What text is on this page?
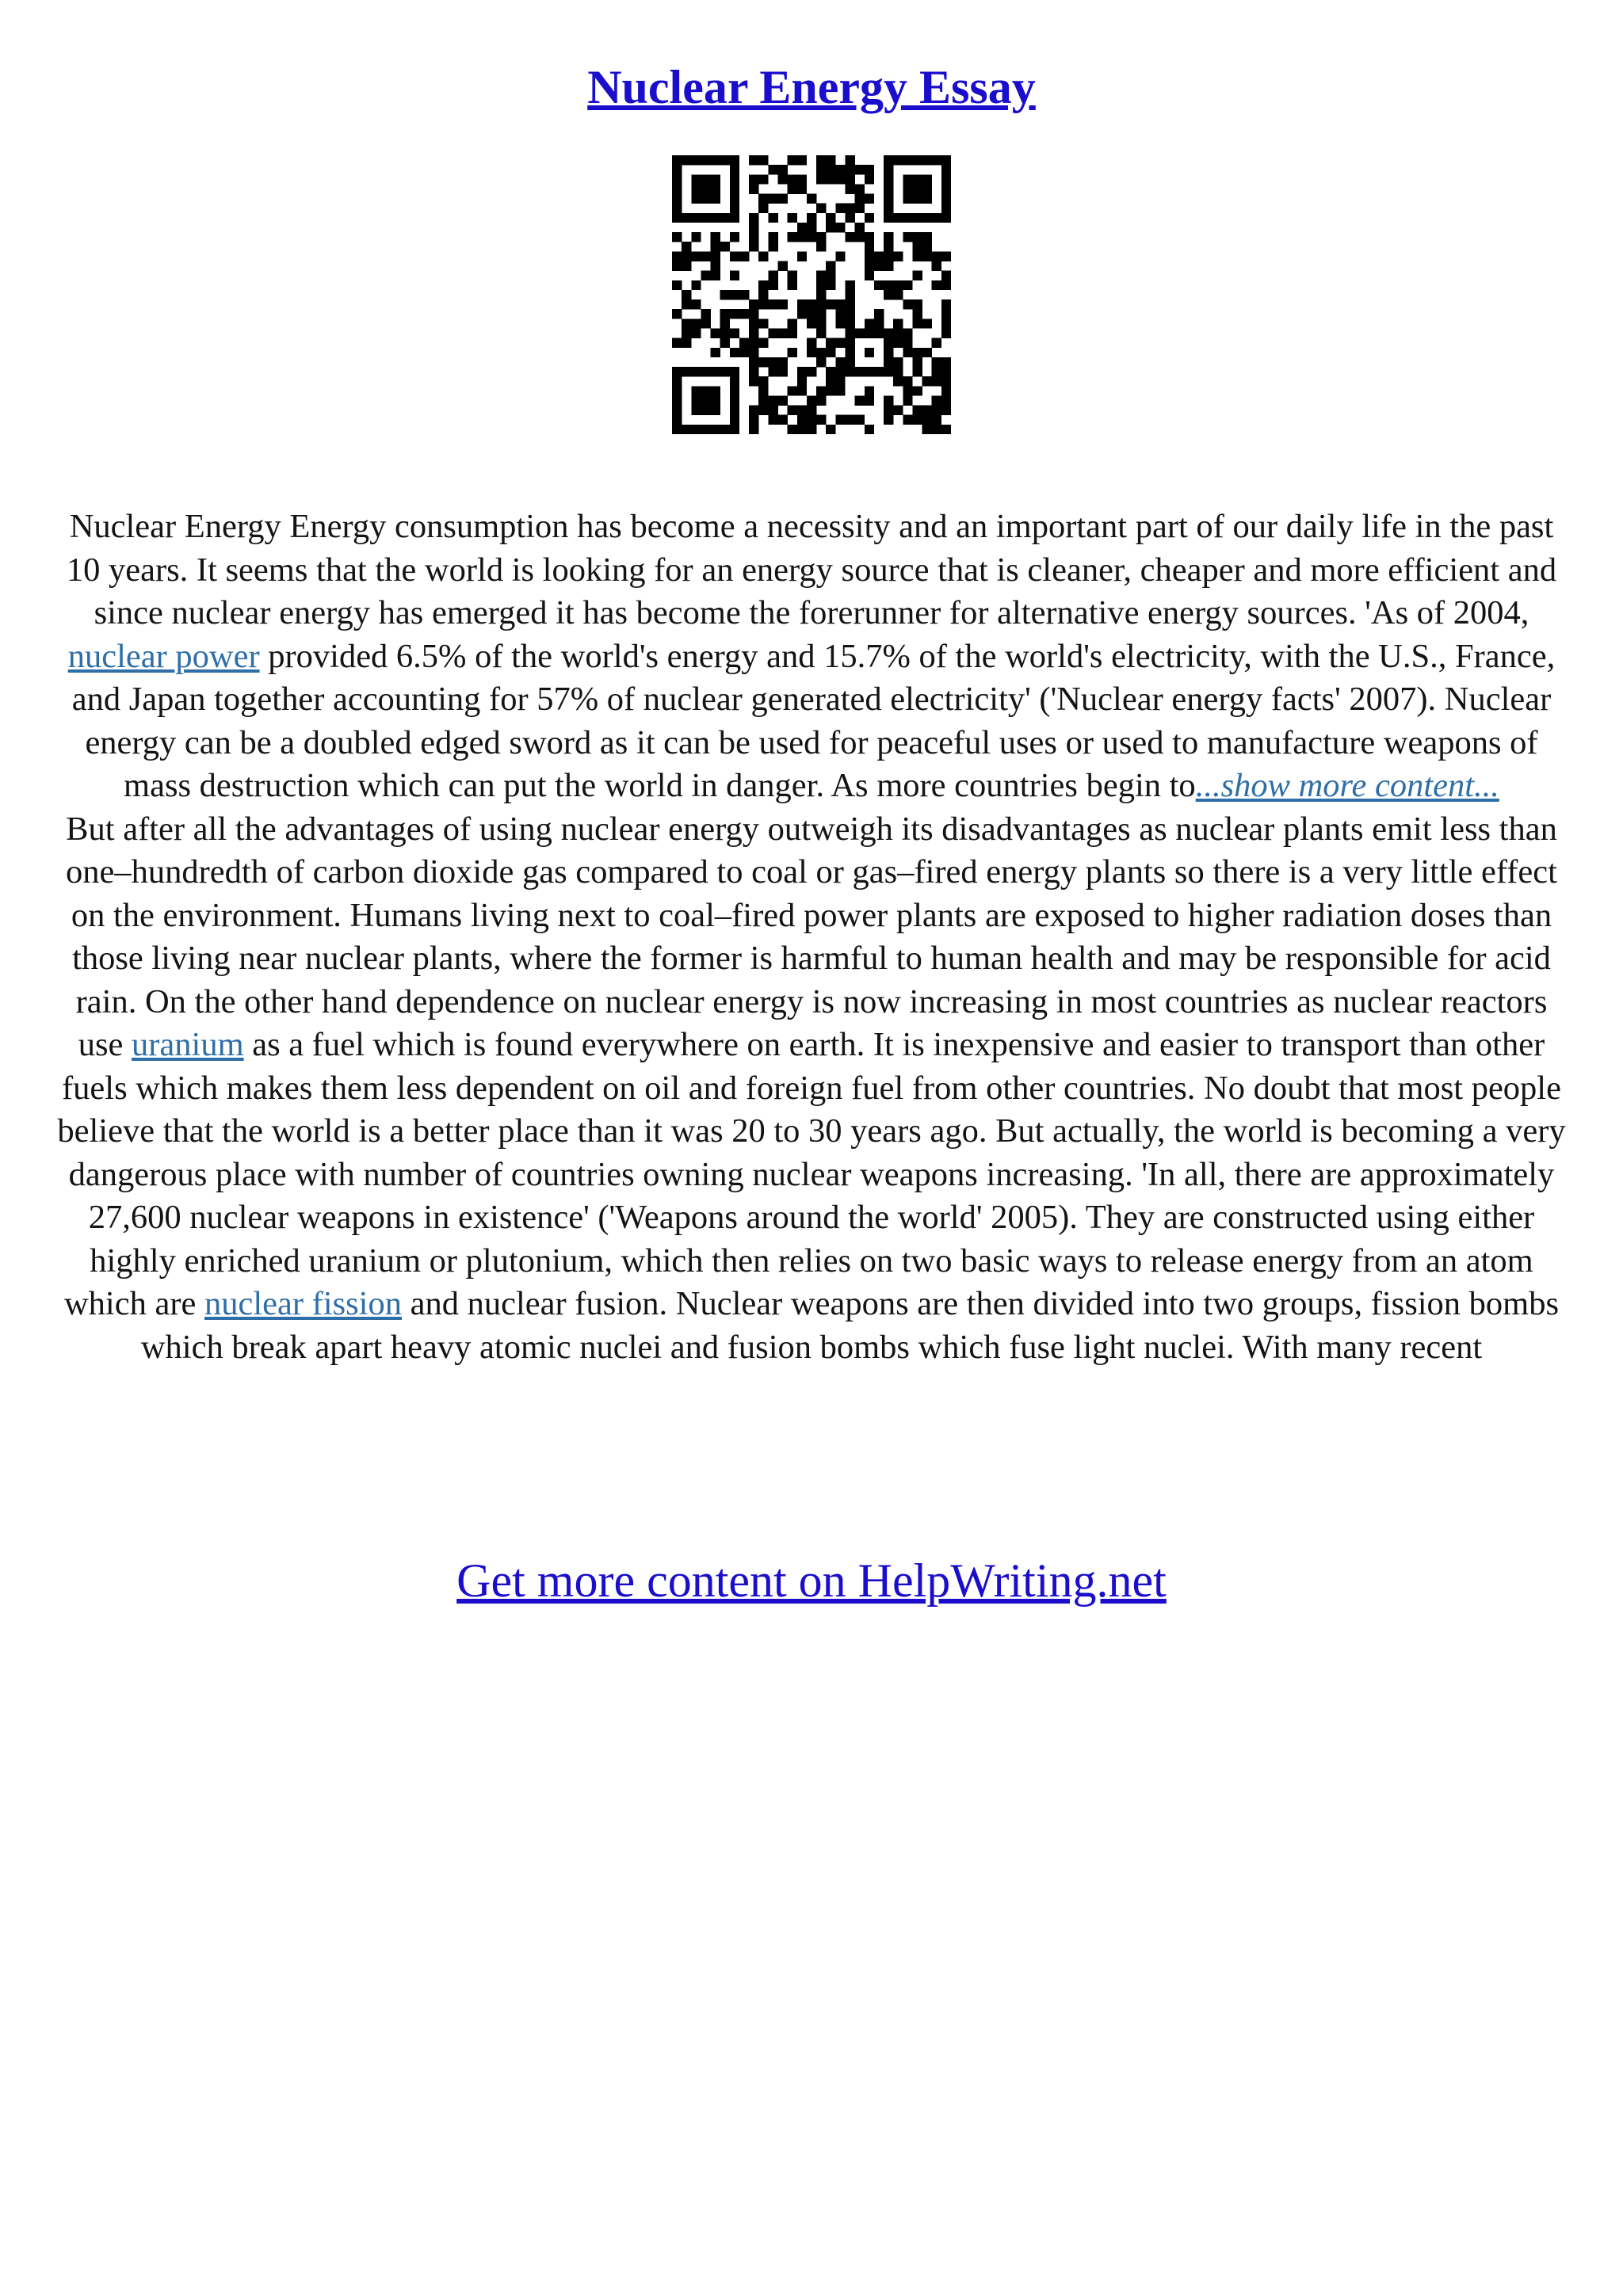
Nuclear Energy Essay

Nuclear Energy Energy consumption has become a necessity and an important part of our daily life in the past 10 years. It seems that the world is looking for an energy source that is cleaner, cheaper and more efficient and since nuclear energy has emerged it has become the forerunner for alternative energy sources. 'As of 2004, nuclear power provided 6.5% of the world's energy and 15.7% of the world's electricity, with the U.S., France, and Japan together accounting for 57% of nuclear generated electricity' ('Nuclear energy facts' 2007). Nuclear energy can be a doubled edged sword as it can be used for peaceful uses or used to manufacture weapons of mass destruction which can put the world in danger. As more countries begin to...show more content...

But after all the advantages of using nuclear energy outweigh its disadvantages as nuclear plants emit less than one–hundredth of carbon dioxide gas compared to coal or gas–fired energy plants so there is a very little effect on the environment. Humans living next to coal–fired power plants are exposed to higher radiation doses than those living near nuclear plants, where the former is harmful to human health and may be responsible for acid rain. On the other hand dependence on nuclear energy is now increasing in most countries as nuclear reactors use uranium as a fuel which is found everywhere on earth. It is inexpensive and easier to transport than other fuels which makes them less dependent on oil and foreign fuel from other countries. No doubt that most people believe that the world is a better place than it was 20 to 30 years ago. But actually, the world is becoming a very dangerous place with number of countries owning nuclear weapons increasing. 'In all, there are approximately 27,600 nuclear weapons in existence' ('Weapons around the world' 2005). They are constructed using either highly enriched uranium or plutonium, which then relies on two basic ways to release energy from an atom which are nuclear fission and nuclear fusion. Nuclear weapons are then divided into two groups, fission bombs which break apart heavy atomic nuclei and fusion bombs which fuse light nuclei. With many recent

Get more content on HelpWriting.net
